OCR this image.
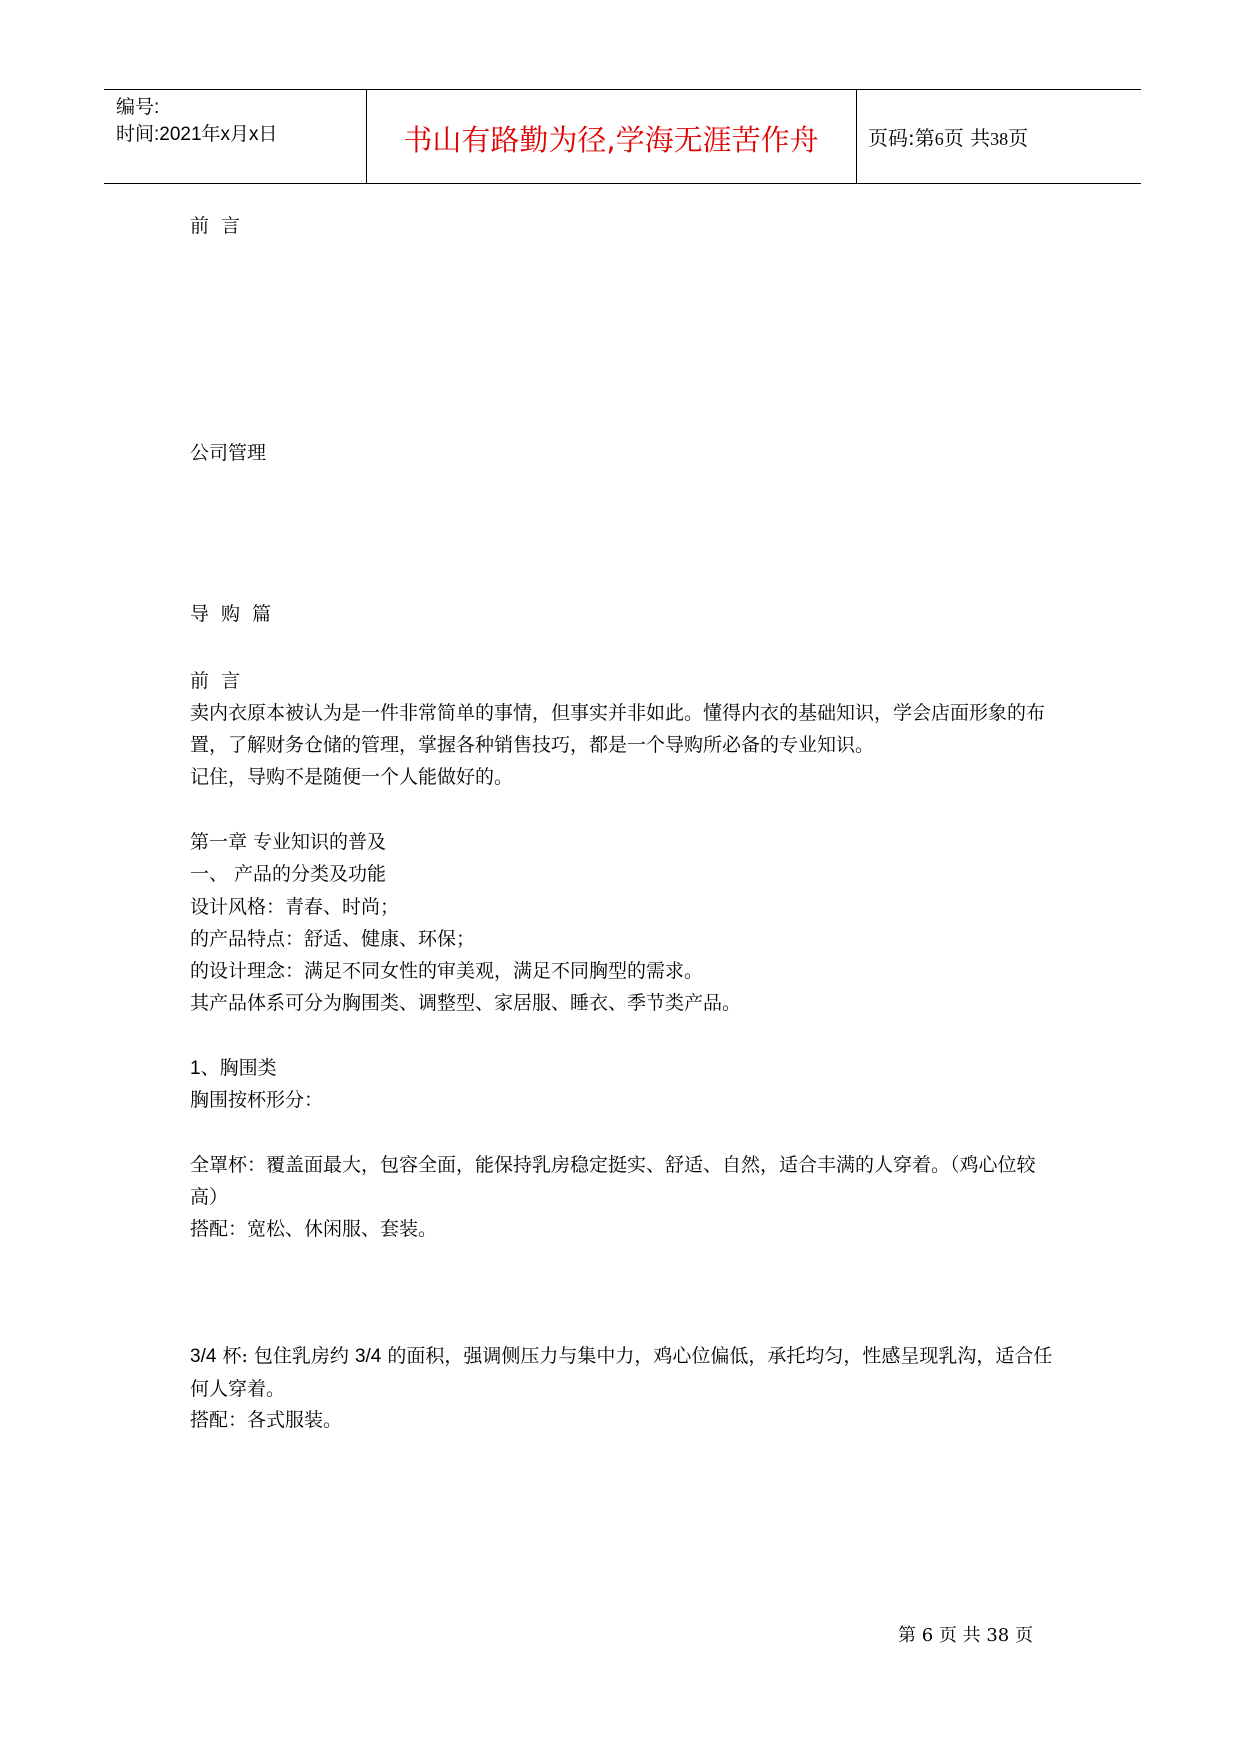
编号:
时间:2021年x月x日	书山有路勤为径,学海无涯苦作舟	页码:第6页 共38页
前言
公司管理
导购篇
前言
卖内衣原本被认为是一件非常简单的事情，但事实并非如此。懂得内衣的基础知识，学会店面形象的布置，了解财务仓储的管理，掌握各种销售技巧，都是一个导购所必备的专业知识。
记住，导购不是随便一个人能做好的。
第一章 专业知识的普及
一、 产品的分类及功能
设计风格：青春、时尚；
的产品特点：舒适、健康、环保；
的设计理念：满足不同女性的审美观，满足不同胸型的需求。
其产品体系可分为胸围类、调整型、家居服、睡衣、季节类产品。
1、胸围类
胸围按杯形分：
全罩杯：覆盖面最大，包容全面，能保持乳房稳定挺实、舒适、自然，适合丰满的人穿着。（鸡心位较高）
搭配：宽松、休闲服、套装。
3/4 杯: 包住乳房约 3/4 的面积，强调侧压力与集中力，鸡心位偏低，承托均匀，性感呈现乳沟，适合任何人穿着。
搭配：各式服装。
第 6 页 共 38 页
